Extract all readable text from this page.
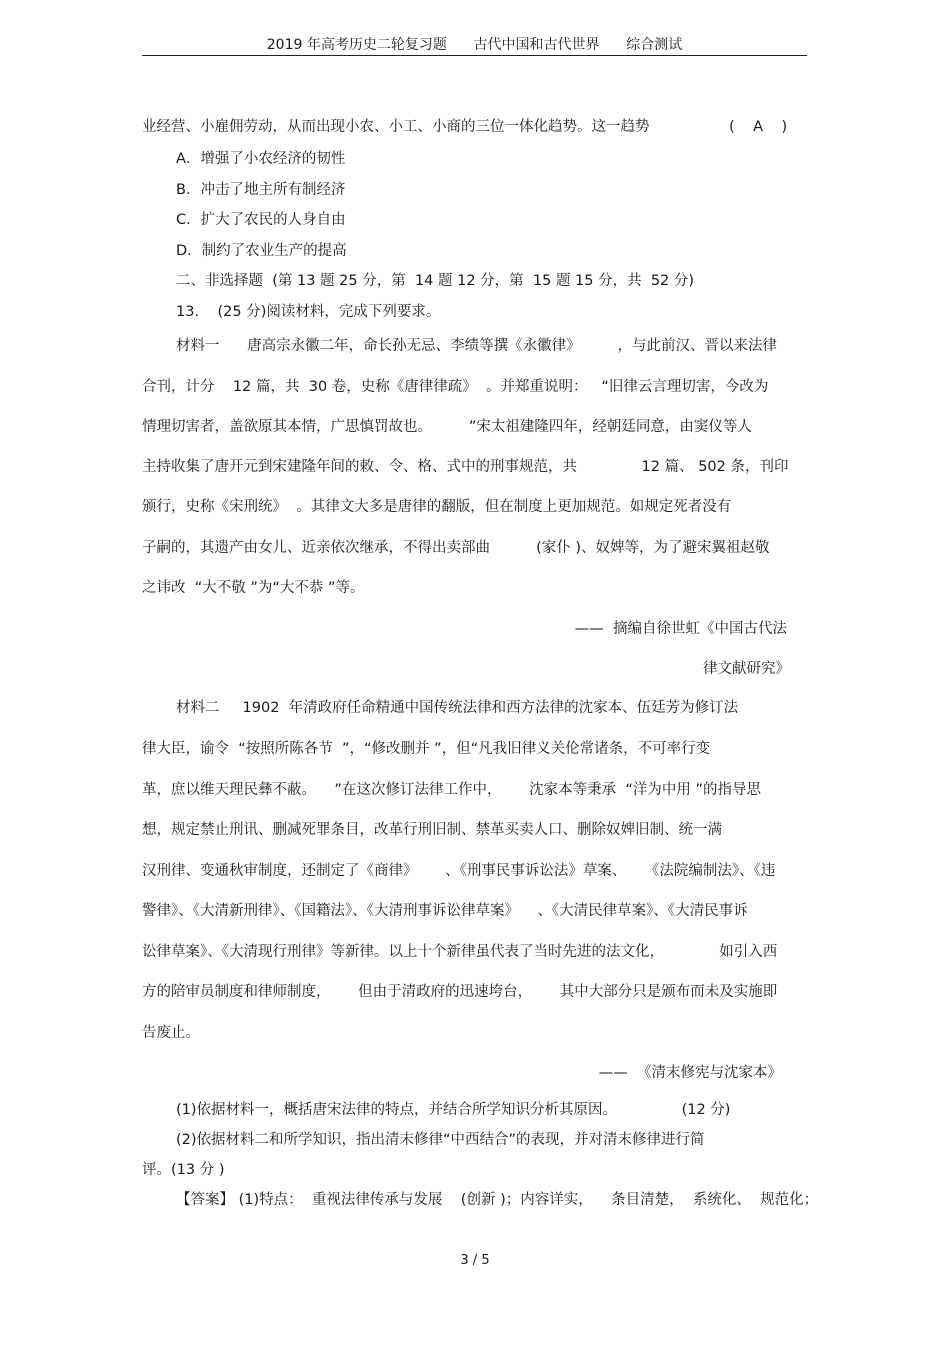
2019 年高考历史二轮复习题      古代中国和古代世界      综合测试
业经营、小雇佣劳动，从而出现小农、小工、小商的三位一体化趋势。这一趋势	(    A    )
A．增强了小农经济的韧性
B．冲击了地主所有制经济
C．扩大了农民的人身自由
D．制约了农业生产的提高
二、非选择题  (第 13 题 25 分，第  14 题 12 分，第  15 题 15 分，共  52 分)
13.    (25 分)阅读材料，完成下列要求。
材料一      唐高宗永徽二年，命长孙无忌、李绩等撰《永徽律》        ，与此前汉、晋以来法律
合刊，计分    12 篇，共  30 卷，史称《唐律律疏》  。并郑重说明：   “旧律云言理切害，今改为
情理切害者，盖欲原其本情，广思慎罚故也。        ”宋太祖建隆四年，经朝廷同意，由窦仪等人
主持收集了唐开元到宋建隆年间的敕、令、格、式中的刑事规范，共              12 篇、 502 条，刊印
颁行，史称《宋刑统》  。其律文大多是唐律的翻版，但在制度上更加规范。如规定死者没有
子嗣的，其遗产由女儿、近亲依次继承，不得出卖部曲          (家仆 )、奴婢等，为了避宋翼祖赵敬
之讳改  “大不敬 ”为“大不恭 ”等。
——  摘编自徐世虹《中国古代法
律文献研究》
材料二     1902  年清政府任命精通中国传统法律和西方法律的沈家本、伍廷芳为修订法
律大臣，谕令  “按照所陈各节  ”，“修改删并 ”，但“凡我旧律义关伦常诸条，不可率行变
革，庶以维天理民彝不蔽。    ”在这次修订法律工作中，      沈家本等秉承  “洋为中用 ”的指导思
想，规定禁止刑讯、删减死罪条目，改革行刑旧制、禁革买卖人口、删除奴婢旧制、统一满
汉刑律、变通秋审制度，还制定了《商律》      、《刑事民事诉讼法》草案、    《法院编制法》、《违
警律》、《大清新刑律》、《国籍法》、《大清刑事诉讼律草案》    、《大清民律草案》、《大清民事诉
讼律草案》、《大清现行刑律》等新律。以上十个新律虽代表了当时先进的法文化，            如引入西
方的陪审员制度和律师制度，      但由于清政府的迅速垮台，      其中大部分只是颁布而未及实施即
告废止。
——  《清末修宪与沈家本》
(1)依据材料一，概括唐宋法律的特点，并结合所学知识分析其原因。              (12 分)
(2)依据材料二和所学知识，指出清末修律“中西结合”的表现，并对清末修律进行简
评。(13 分 )
【答案】 (1)特点：  重视法律传承与发展    (创新 )；内容详实，    条目清楚，  系统化、  规范化；
3 / 5
